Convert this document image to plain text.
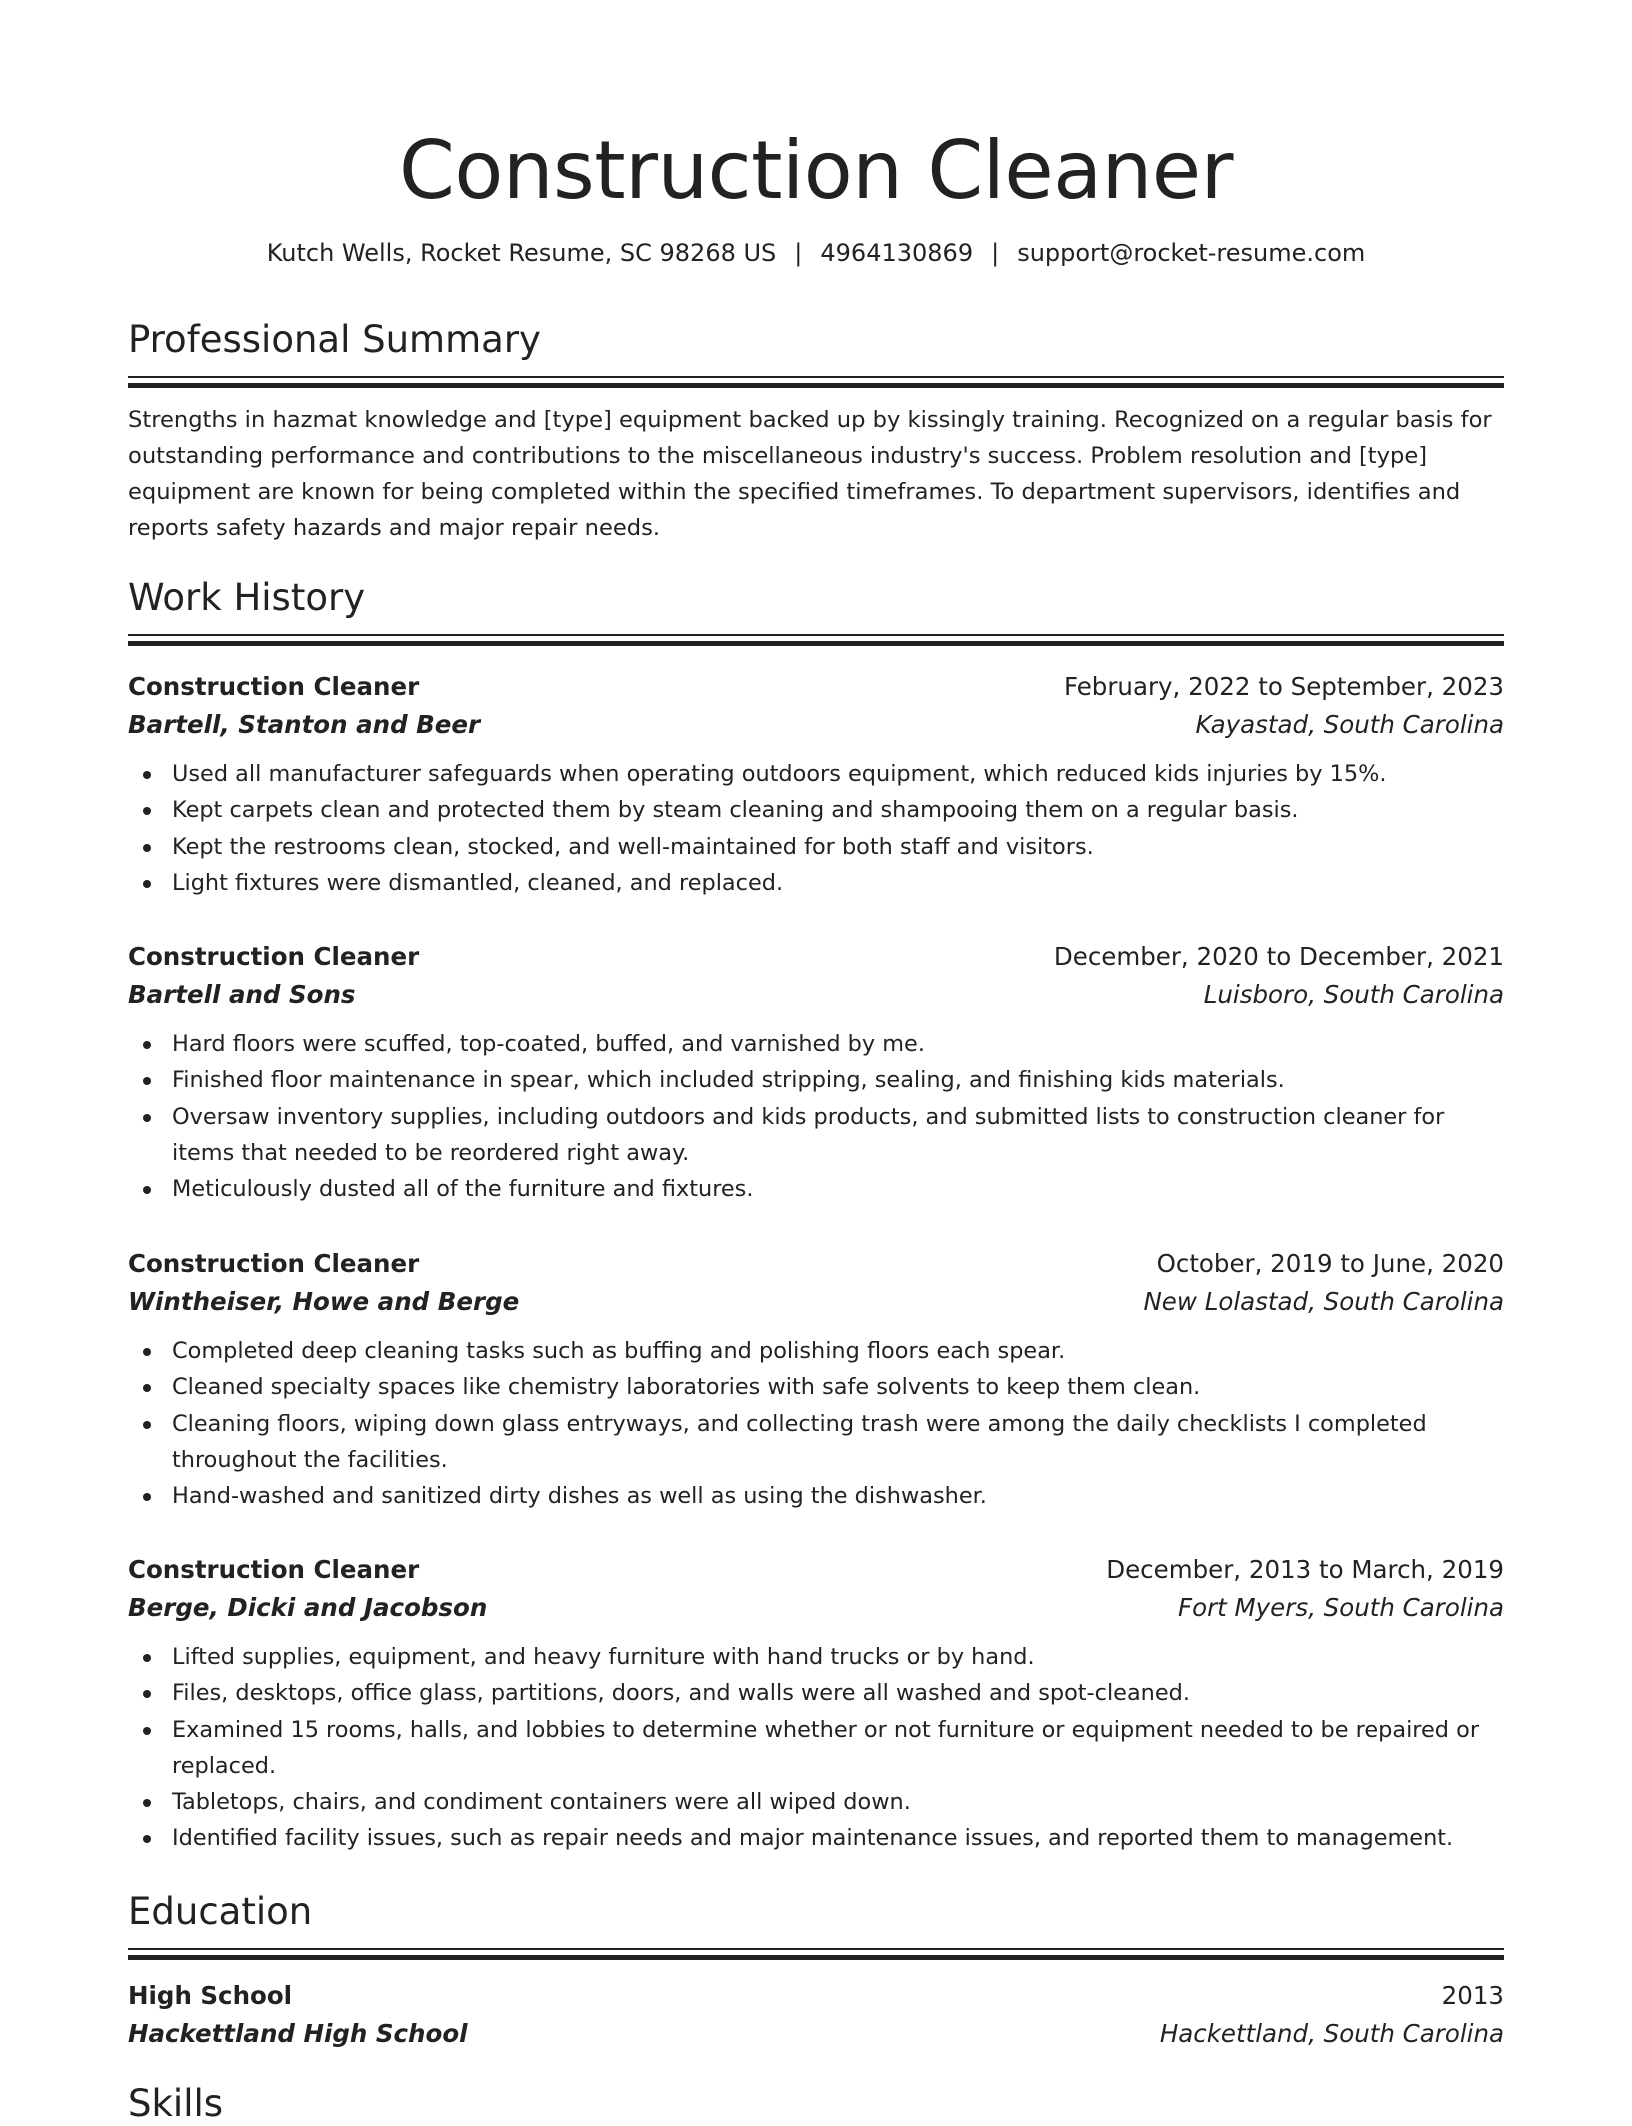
Construction Cleaner
Kutch Wells, Rocket Resume, SC 98268 US | 4964130869 | support@rocket-resume.com
Professional Summary
Strengths in hazmat knowledge and [type] equipment backed up by kissingly training. Recognized on a regular basis for outstanding performance and contributions to the miscellaneous industry's success. Problem resolution and [type] equipment are known for being completed within the specified timeframes. To department supervisors, identifies and reports safety hazards and major repair needs.
Work History
Construction Cleaner	February, 2022 to September, 2023
Bartell, Stanton and Beer	Kayastad, South Carolina
Used all manufacturer safeguards when operating outdoors equipment, which reduced kids injuries by 15%.
Kept carpets clean and protected them by steam cleaning and shampooing them on a regular basis.
Kept the restrooms clean, stocked, and well-maintained for both staff and visitors.
Light fixtures were dismantled, cleaned, and replaced.
Construction Cleaner	December, 2020 to December, 2021
Bartell and Sons	Luisboro, South Carolina
Hard floors were scuffed, top-coated, buffed, and varnished by me.
Finished floor maintenance in spear, which included stripping, sealing, and finishing kids materials.
Oversaw inventory supplies, including outdoors and kids products, and submitted lists to construction cleaner for items that needed to be reordered right away.
Meticulously dusted all of the furniture and fixtures.
Construction Cleaner	October, 2019 to June, 2020
Wintheiser, Howe and Berge	New Lolastad, South Carolina
Completed deep cleaning tasks such as buffing and polishing floors each spear.
Cleaned specialty spaces like chemistry laboratories with safe solvents to keep them clean.
Cleaning floors, wiping down glass entryways, and collecting trash were among the daily checklists I completed throughout the facilities.
Hand-washed and sanitized dirty dishes as well as using the dishwasher.
Construction Cleaner	December, 2013 to March, 2019
Berge, Dicki and Jacobson	Fort Myers, South Carolina
Lifted supplies, equipment, and heavy furniture with hand trucks or by hand.
Files, desktops, office glass, partitions, doors, and walls were all washed and spot-cleaned.
Examined 15 rooms, halls, and lobbies to determine whether or not furniture or equipment needed to be repaired or replaced.
Tabletops, chairs, and condiment containers were all wiped down.
Identified facility issues, such as repair needs and major maintenance issues, and reported them to management.
Education
High School	2013
Hackettland High School	Hackettland, South Carolina
Skills
